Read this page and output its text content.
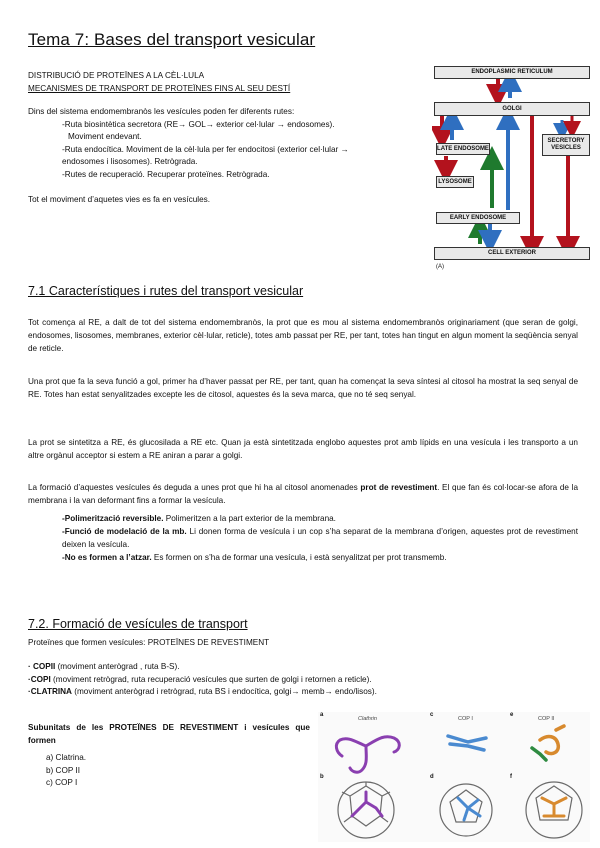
Tema 7: Bases del transport vesicular
DISTRIBUCIÓ DE PROTEÏNES A LA CÈL·LULA
MECANISMES DE TRANSPORT DE PROTEÏNES FINS AL SEU DESTÍ
Dins del sistema endomembranòs les vesícules poden fer diferents rutes:
-Ruta biosintètica secretora (RE→ GOL→ exterior cel·lular → endosomes).
Moviment endevant.
-Ruta endocítica. Moviment de la cèl·lula per fer endocitosi (exterior cel·lular →
endosomes i lisosomes). Retrògrada.
-Rutes de recuperació. Recuperar proteïnes. Retrògrada.
Tot el moviment d’aquetes vies es fa en vesícules.
ENDOPLASMIC RETICULUM
GOLGI
LATE ENDOSOME
LYSOSOME
SECRETORY VESICLES
EARLY ENDOSOME
CELL EXTERIOR
(A)
7.1 Característiques i rutes del transport vesicular
Tot comença al RE, a dalt de tot del sistema endomembranòs, la prot que es mou al sistema endomembranòs originariament (que seran de golgi, endosomes, lisosomes, membranes, exterior cèl·lular, reticle), totes amb passat per RE, per tant, totes han tingut en algun moment la seqüència senyal de reticle.
Una prot que fa la seva funció a gol, primer ha d’haver passat per RE, per tant, quan ha començat la seva síntesi al citosol ha mostrat la seq senyal de RE. Totes han estat senyalitzades excepte les de citosol, aquestes és la seva marca, que no té seq senyal.
La prot se sintetitza a RE, és glucosilada a RE etc. Quan ja està sintetitzada englobo aquestes prot amb lípids en una vesícula i les transporto a un altre orgànul acceptor si estem a RE aniran a parar a golgi.
La formació d’aquestes vesícules és deguda a unes prot que hi ha al citosol anomenades prot de revestiment. El que fan és col·locar-se afora de la membrana i la van deformant fins a formar la vesícula.
-Polimerització reversible. Polimeritzen a la part exterior de la membrana.
-Funció de modelació de la mb. Li donen forma de vesícula i un cop s’ha separat de la membrana d’origen, aquestes prot de revestiment deixen la vesícula.
-No es formen a l’atzar. Es formen on s’ha de formar una vesícula, i està senyalitzat per prot transmemb.
7.2. Formació de vesícules de transport
Proteïnes que formen vesícules: PROTEÏNES DE REVESTIMENT
· COPII (moviment anterògrad , ruta B-S).
·COPI (moviment retrògrad, ruta recuperació vesícules que surten de golgi i retornen a reticle).
·CLATRINA (moviment anterògrad i retrògrad, ruta BS i endocítica, golgi→ memb→ endo/lisos).
Subunitats de les PROTEÏNES DE REVESTIMENT i vesícules que formen
a) Clatrina.
b) COP II
c) COP I
a
b
c
d
e
f
Clathrin	COP I	COP II
